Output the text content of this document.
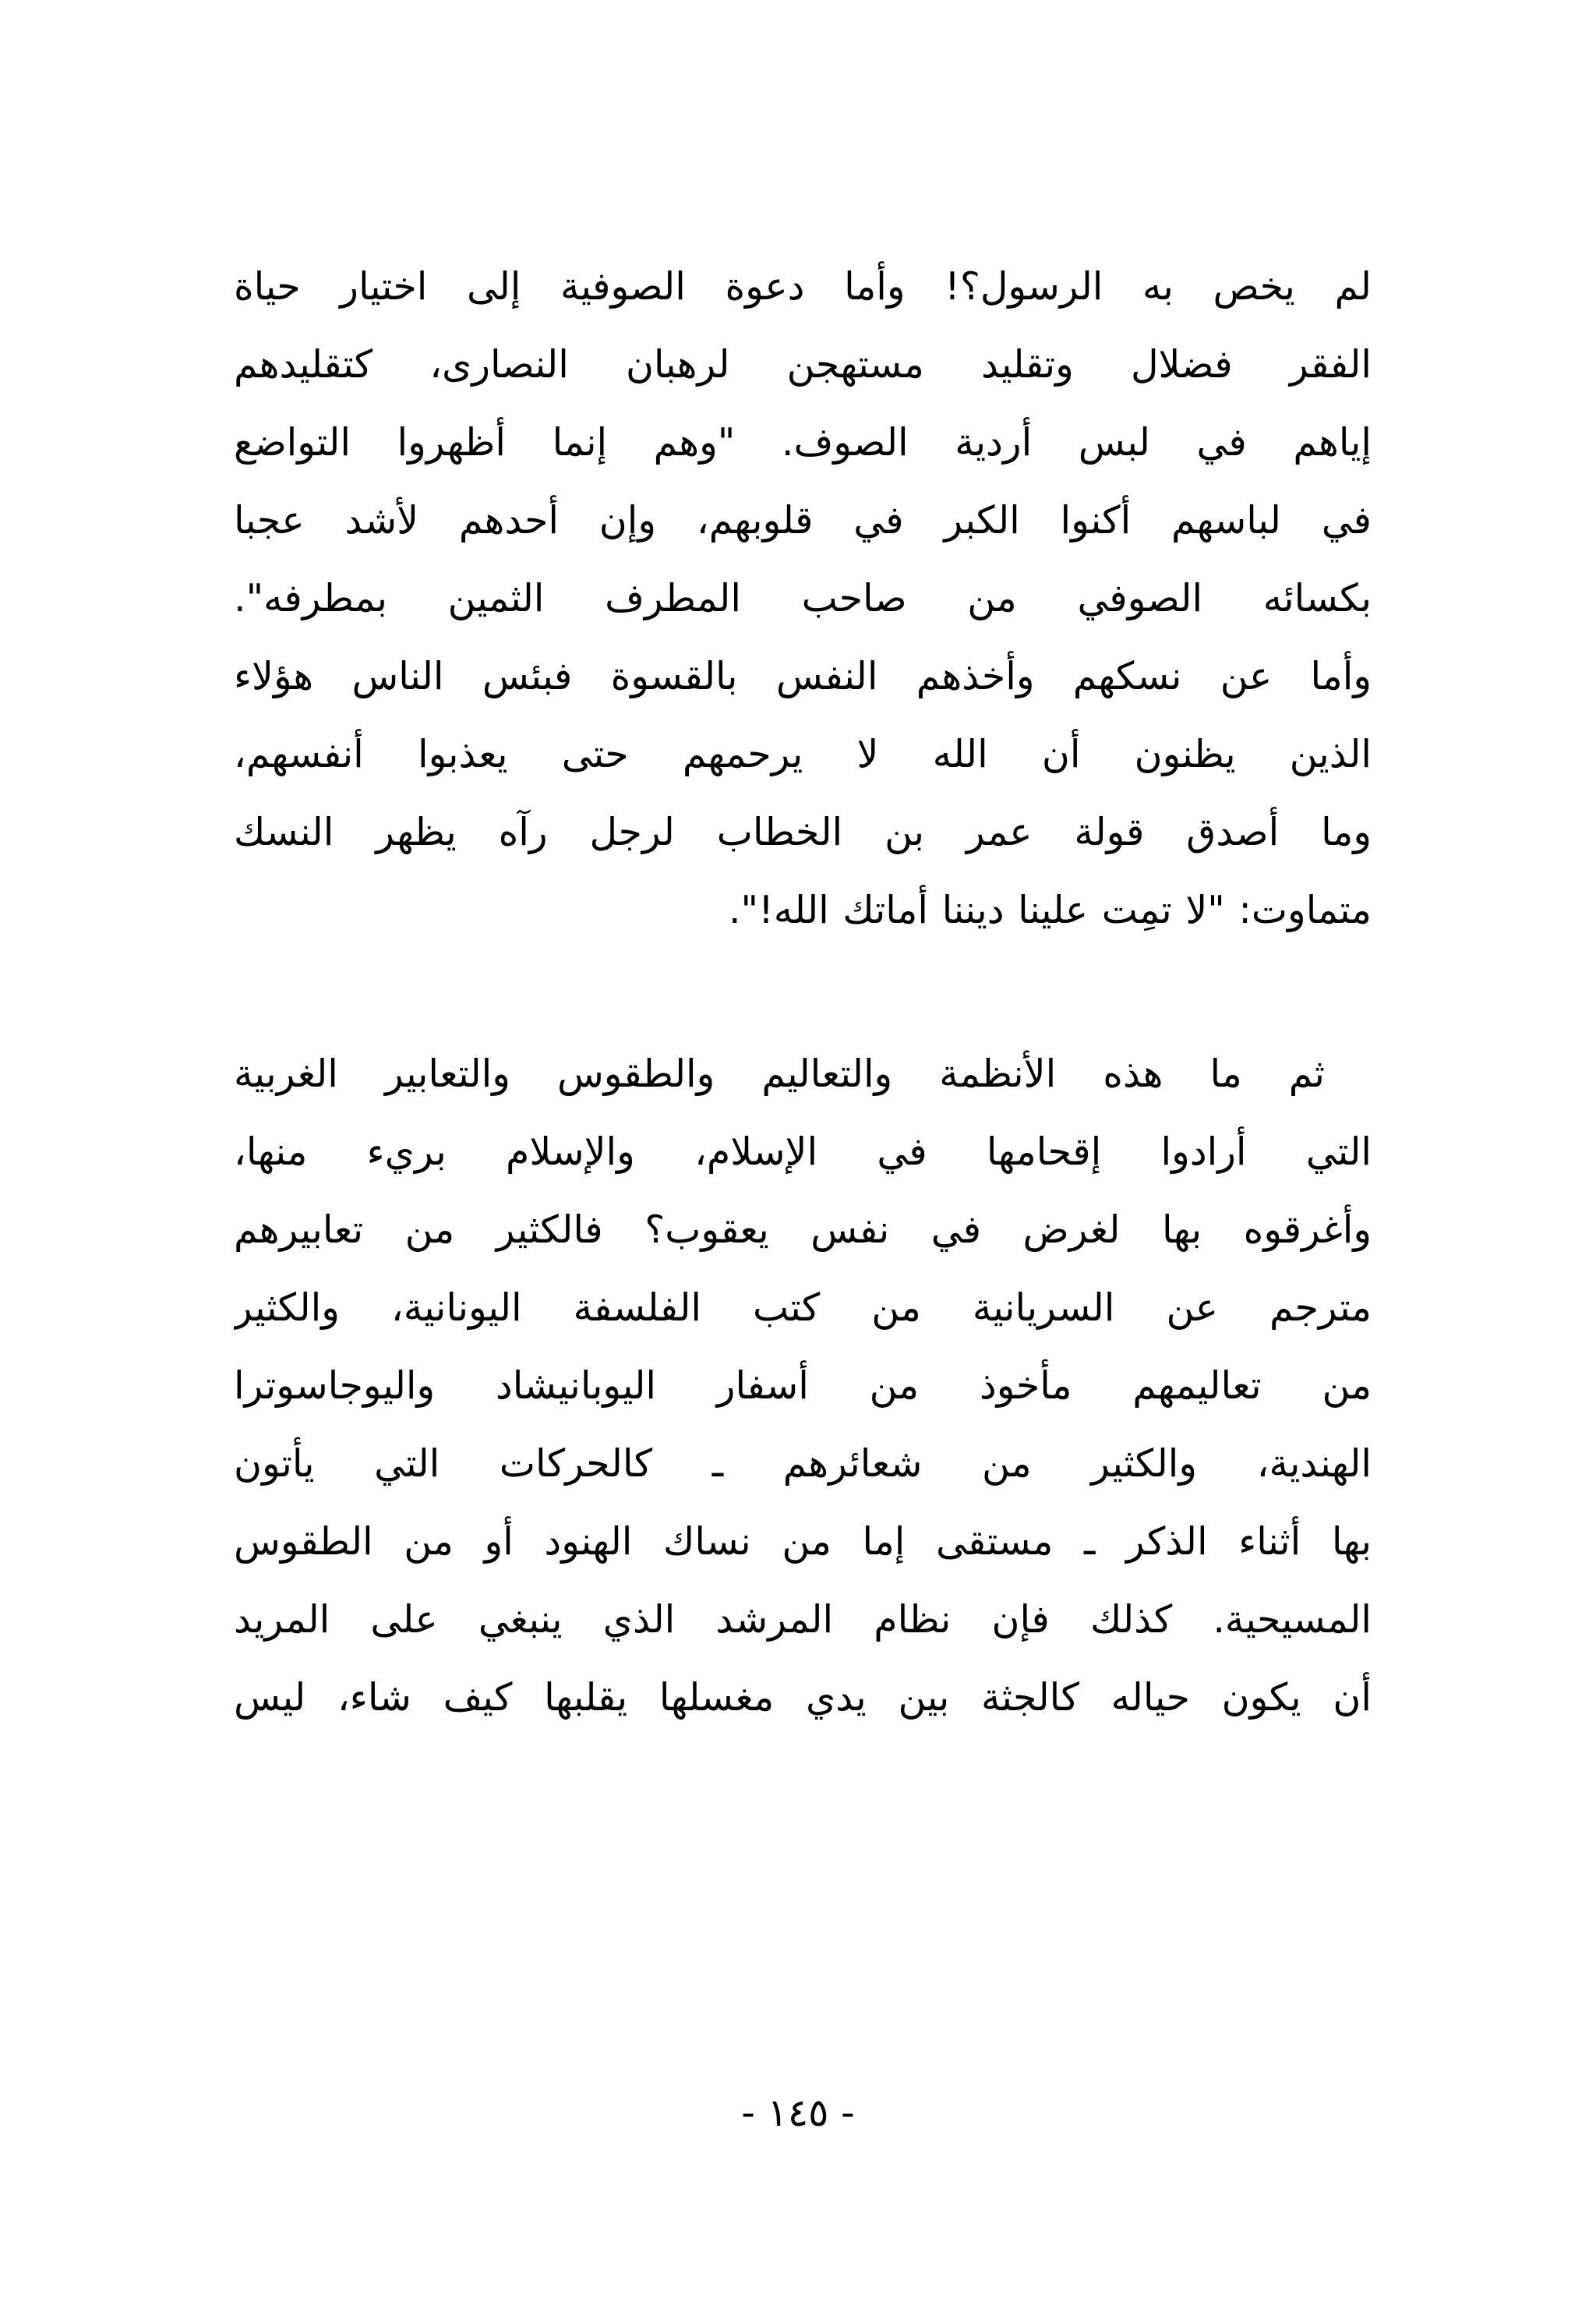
لم يخص به الرسول؟! وأما دعوة الصوفية إلى اختيار حياة
الفقر فضلال وتقليد مستهجن لرهبان النصارى، كتقليدهم
إياهم في لبس أردية الصوف. "وهم إنما أظهروا التواضع
في لباسهم أكنوا الكبر في قلوبهم، وإن أحدهم لأشد عجبا
بكسائه الصوفي من صاحب المطرف الثمين بمطرفه".
وأما عن نسكهم وأخذهم النفس بالقسوة فبئس الناس هؤلاء
الذين يظنون أن الله لا يرحمهم حتى يعذبوا أنفسهم،
وما أصدق قولة عمر بن الخطاب لرجل رآه يظهر النسك
متماوت: "لا تمِت علينا ديننا أماتك الله!".
ثم ما هذه الأنظمة والتعاليم والطقوس والتعابير الغربية
التي أرادوا إقحامها في الإسلام، والإسلام بريء منها،
وأغرقوه بها لغرض في نفس يعقوب؟ فالكثير من تعابيرهم
مترجم عن السريانية من كتب الفلسفة اليونانية، والكثير
من تعاليمهم مأخوذ من أسفار اليوبانيشاد واليوجاسوترا
الهندية، والكثير من شعائرهم ـ كالحركات التي يأتون
بها أثناء الذكر ـ مستقى إما من نساك الهنود أو من الطقوس
المسيحية. كذلك فإن نظام المرشد الذي ينبغي على المريد
أن يكون حياله كالجثة بين يدي مغسلها يقلبها كيف شاء، ليس
- ١٤٥ -
